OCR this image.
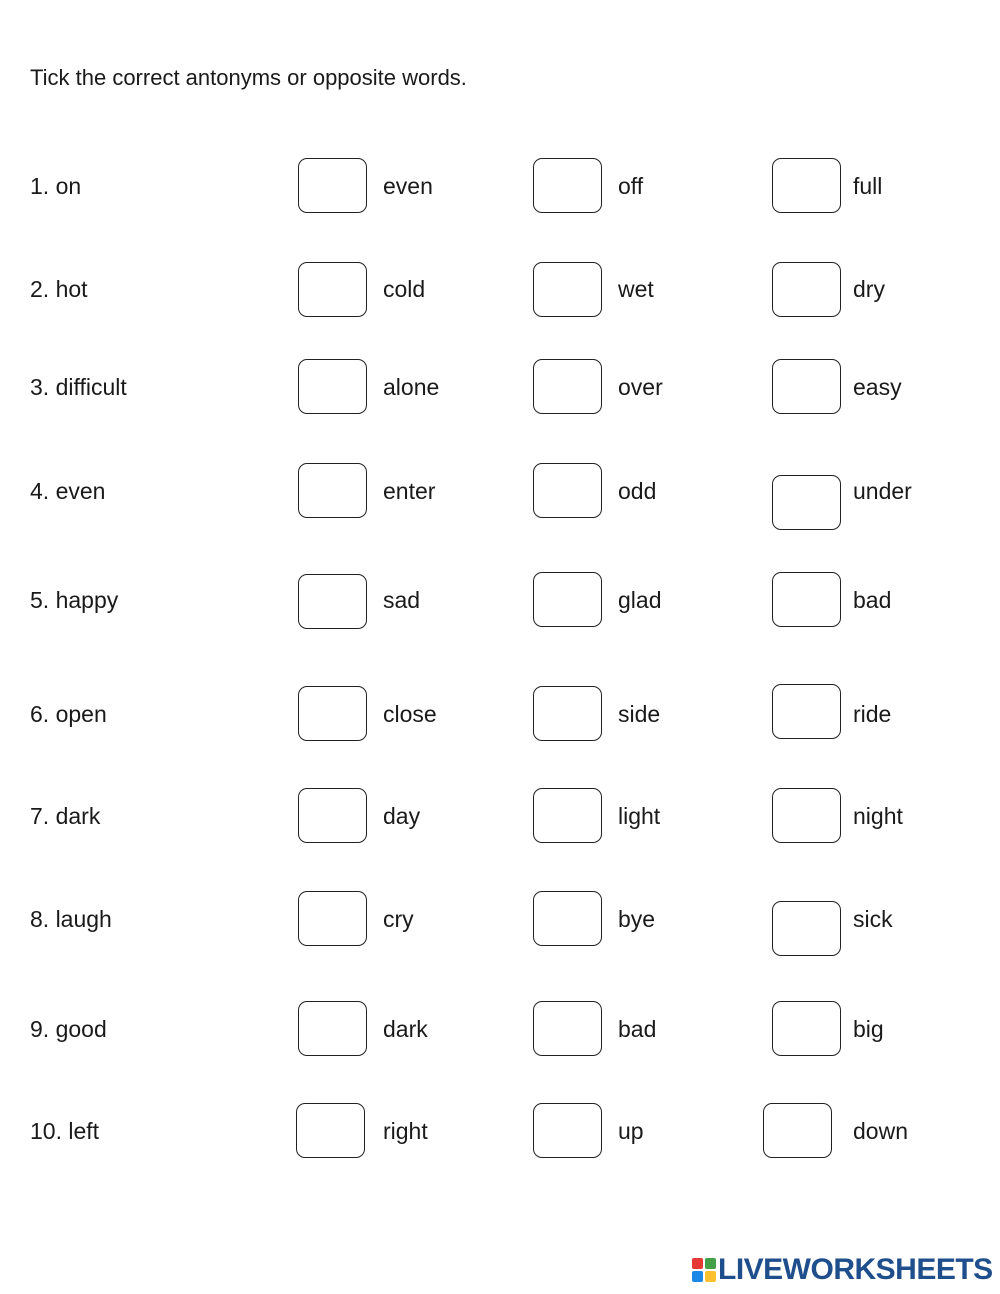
Tick the correct antonyms or opposite words.
1. on	even	off	full
2. hot	cold	wet	dry
3. difficult	alone	over	easy
4. even	enter	odd	under
5. happy	sad	glad	bad
6. open	close	side	ride
7. dark	day	light	night
8. laugh	cry	bye	sick
9. good	dark	bad	big
10. left	right	up	down
LIVEWORKSHEETS
